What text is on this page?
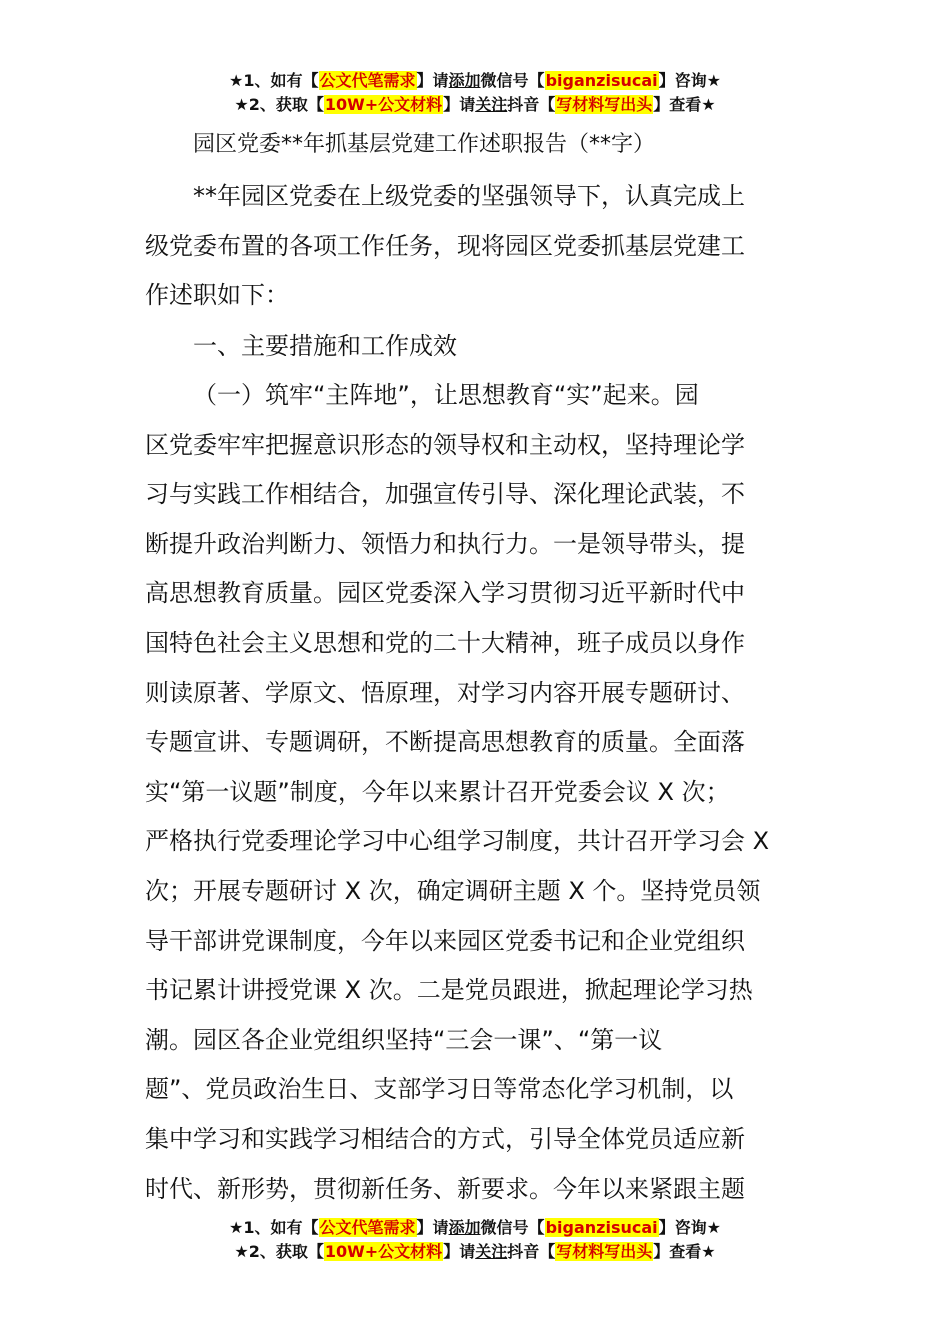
★1、如有【公文代笔需求】请添加微信号【biganzisucai】咨询★
★2、获取【10W+公文材料】请关注抖音【写材料写出头】查看★
园区党委**年抓基层党建工作述职报告（**字）
**年园区党委在上级党委的坚强领导下，认真完成上
级党委布置的各项工作任务，现将园区党委抓基层党建工
作述职如下：
一、主要措施和工作成效
（一）筑牢“主阵地”，让思想教育“实”起来。园
区党委牢牢把握意识形态的领导权和主动权，坚持理论学
习与实践工作相结合，加强宣传引导、深化理论武装，不
断提升政治判断力、领悟力和执行力。一是领导带头，提
高思想教育质量。园区党委深入学习贯彻习近平新时代中
国特色社会主义思想和党的二十大精神，班子成员以身作
则读原著、学原文、悟原理，对学习内容开展专题研讨、
专题宣讲、专题调研，不断提高思想教育的质量。全面落
实“第一议题”制度，今年以来累计召开党委会议 X 次；
严格执行党委理论学习中心组学习制度，共计召开学习会 X
次；开展专题研讨 X 次，确定调研主题 X 个。坚持党员领
导干部讲党课制度，今年以来园区党委书记和企业党组织
书记累计讲授党课 X 次。二是党员跟进，掀起理论学习热
潮。园区各企业党组织坚持“三会一课”、“第一议
题”、党员政治生日、支部学习日等常态化学习机制，以
集中学习和实践学习相结合的方式，引导全体党员适应新
时代、新形势，贯彻新任务、新要求。今年以来紧跟主题
★1、如有【公文代笔需求】请添加微信号【biganzisucai】咨询★
★2、获取【10W+公文材料】请关注抖音【写材料写出头】查看★
